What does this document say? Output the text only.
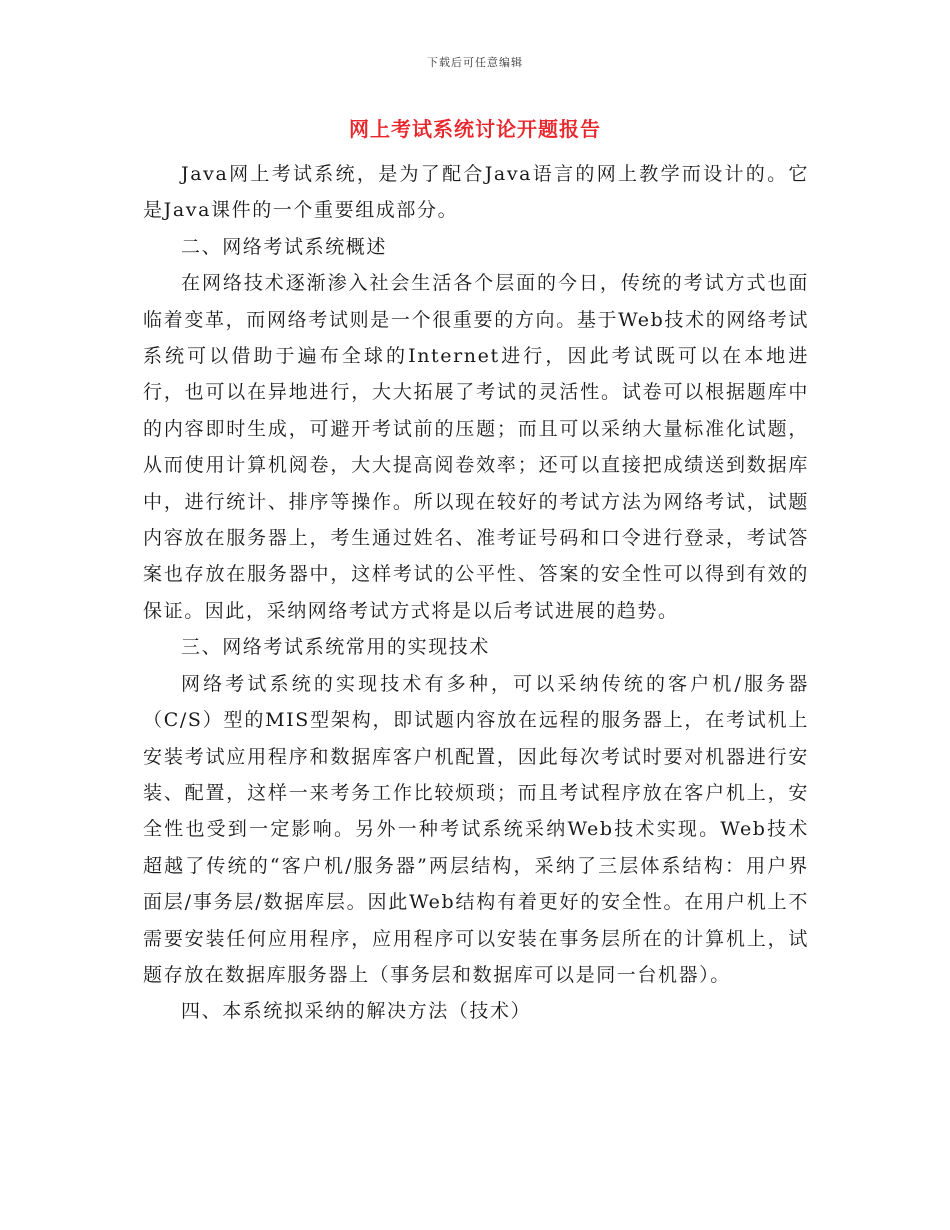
下载后可任意编辑
网上考试系统讨论开题报告

Java网上考试系统，是为了配合Java语言的网上教学而设计的。它是Java课件的一个重要组成部分。

二、网络考试系统概述

在网络技术逐渐渗入社会生活各个层面的今日，传统的考试方式也面临着变革，而网络考试则是一个很重要的方向。基于Web技术的网络考试系统可以借助于遍布全球的Internet进行，因此考试既可以在本地进行，也可以在异地进行，大大拓展了考试的灵活性。试卷可以根据题库中的内容即时生成，可避开考试前的压题；而且可以采纳大量标准化试题，从而使用计算机阅卷，大大提高阅卷效率；还可以直接把成绩送到数据库中，进行统计、排序等操作。所以现在较好的考试方法为网络考试，试题内容放在服务器上，考生通过姓名、准考证号码和口令进行登录，考试答案也存放在服务器中，这样考试的公平性、答案的安全性可以得到有效的保证。因此，采纳网络考试方式将是以后考试进展的趋势。

三、网络考试系统常用的实现技术

网络考试系统的实现技术有多种，可以采纳传统的客户机/服务器（C/S）型的MIS型架构，即试题内容放在远程的服务器上，在考试机上安装考试应用程序和数据库客户机配置，因此每次考试时要对机器进行安装、配置，这样一来考务工作比较烦琐；而且考试程序放在客户机上，安全性也受到一定影响。另外一种考试系统采纳Web技术实现。Web技术超越了传统的“客户机/服务器”两层结构，采纳了三层体系结构：用户界面层/事务层/数据库层。因此Web结构有着更好的安全性。在用户机上不需要安装任何应用程序，应用程序可以安装在事务层所在的计算机上，试题存放在数据库服务器上（事务层和数据库可以是同一台机器）。

四、本系统拟采纳的解决方法（技术）
